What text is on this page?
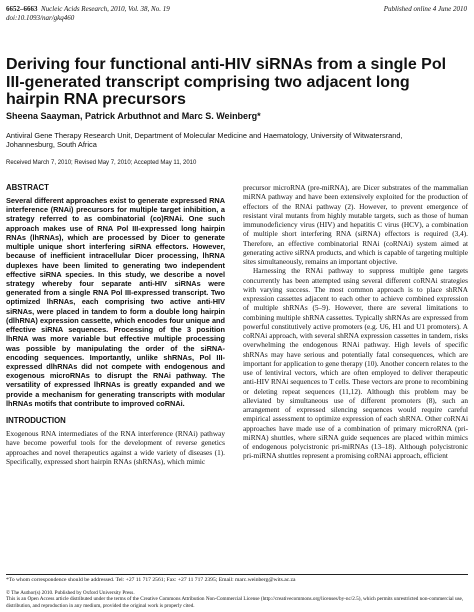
6652–6663 Nucleic Acids Research, 2010, Vol. 38, No. 19
doi:10.1093/nar/gkq460
Published online 4 June 2010
Deriving four functional anti-HIV siRNAs from a single Pol III-generated transcript comprising two adjacent long hairpin RNA precursors
Sheena Saayman, Patrick Arbuthnot and Marc S. Weinberg*
Antiviral Gene Therapy Research Unit, Department of Molecular Medicine and Haematology, University of Witwatersrand, Johannesburg, South Africa
Received March 7, 2010; Revised May 7, 2010; Accepted May 11, 2010
ABSTRACT

Several different approaches exist to generate expressed RNA interference (RNAi) precursors for multiple target inhibition, a strategy referred to as combinatorial (co)RNAi. One such approach makes use of RNA Pol III-expressed long hairpin RNAs (lhRNAs), which are processed by Dicer to generate multiple unique short interfering siRNA effectors. However, because of inefficient intracellular Dicer processing, lhRNA duplexes have been limited to generating two independent effective siRNA species. In this study, we describe a novel strategy whereby four separate anti-HIV siRNAs were generated from a single RNA Pol III-expressed transcript. Two optimized lhRNAs, each comprising two active anti-HIV siRNAs, were placed in tandem to form a double long hairpin (dlhRNA) expression cassette, which encodes four unique and effective siRNA sequences. Processing of the 3 position lhRNA was more variable but effective multiple processing was possible by manipulating the order of the siRNA-encoding sequences. Importantly, unlike shRNAs, Pol III-expressed dlhRNAs did not compete with endogenous and exogenous microRNAs to disrupt the RNAi pathway. The versatility of expressed lhRNAs is greatly expanded and we provide a mechanism for generating transcripts with modular lhRNAs motifs that contribute to improved coRNAi.

INTRODUCTION

Exogenous RNA intermediates of the RNA interference (RNAi) pathway have become powerful tools for the development of reverse genetics approaches and novel therapeutics against a wide variety of diseases (1). Specifically, expressed short hairpin RNAs (shRNAs), which mimic

precursor microRNA (pre-miRNA), are Dicer substrates of the mammalian miRNA pathway and have been extensively exploited for the production of effectors of the RNAi pathway (2). However, to prevent emergence of resistant viral mutants from highly mutable targets, such as those of human immunodeficiency virus (HIV) and hepatitis C virus (HCV), a combination of multiple short interfering RNA (siRNA) effectors is required (3,4). Therefore, an effective combinatorial RNAi (coRNAi) system aimed at generating active siRNA products, and which is capable of targeting multiple sites simultaneously, remains an important objective.

Harnessing the RNAi pathway to suppress multiple gene targets concurrently has been attempted using several different coRNAi strategies with varying success. The most common approach is to place shRNA expression cassettes adjacent to each other to achieve combined expression of multiple shRNAs (5–9). However, there are several limitations to combining multiple shRNA cassettes. Typically shRNAs are expressed from powerful constitutively active promoters (e.g. U6, H1 and U1 promoters). A coRNAi approach, with several shRNA expression cassettes in tandem, risks overwhelming the endogenous RNAi pathway. High levels of specific shRNAs may have serious and potentially fatal consequences, which are important for application to gene therapy (10). Another concern relates to the use of lentiviral vectors, which are often employed to deliver therapeutic anti-HIV RNAi sequences to T cells. These vectors are prone to recombining or deleting repeat sequences (11,12). Although this problem may be alleviated by simultaneous use of different promoters (8), such an arrangement of expressed silencing sequences would require careful empirical assessment to optimize expression of each shRNA. Other coRNAi approaches have made use of a combination of primary microRNA (pri-miRNA) shuttles, where siRNA guide sequences are placed within mimics of endogenous polycistronic pri-miRNAs (13–18). Although polycistronic pri-miRNA shuttles represent a promising coRNAi approach, efficient

*To whom correspondence should be addressed. Tel: +27 11 717 2561; Fax: +27 11 717 2395; Email: marc.weinberg@wits.ac.za
© The Author(s) 2010. Published by Oxford University Press.
This is an Open Access article distributed under the terms of the Creative Commons Attribution Non-Commercial License (http://creativecommons.org/licenses/by-nc/2.5), which permits unrestricted non-commercial use, distribution, and reproduction in any medium, provided the original work is properly cited.
